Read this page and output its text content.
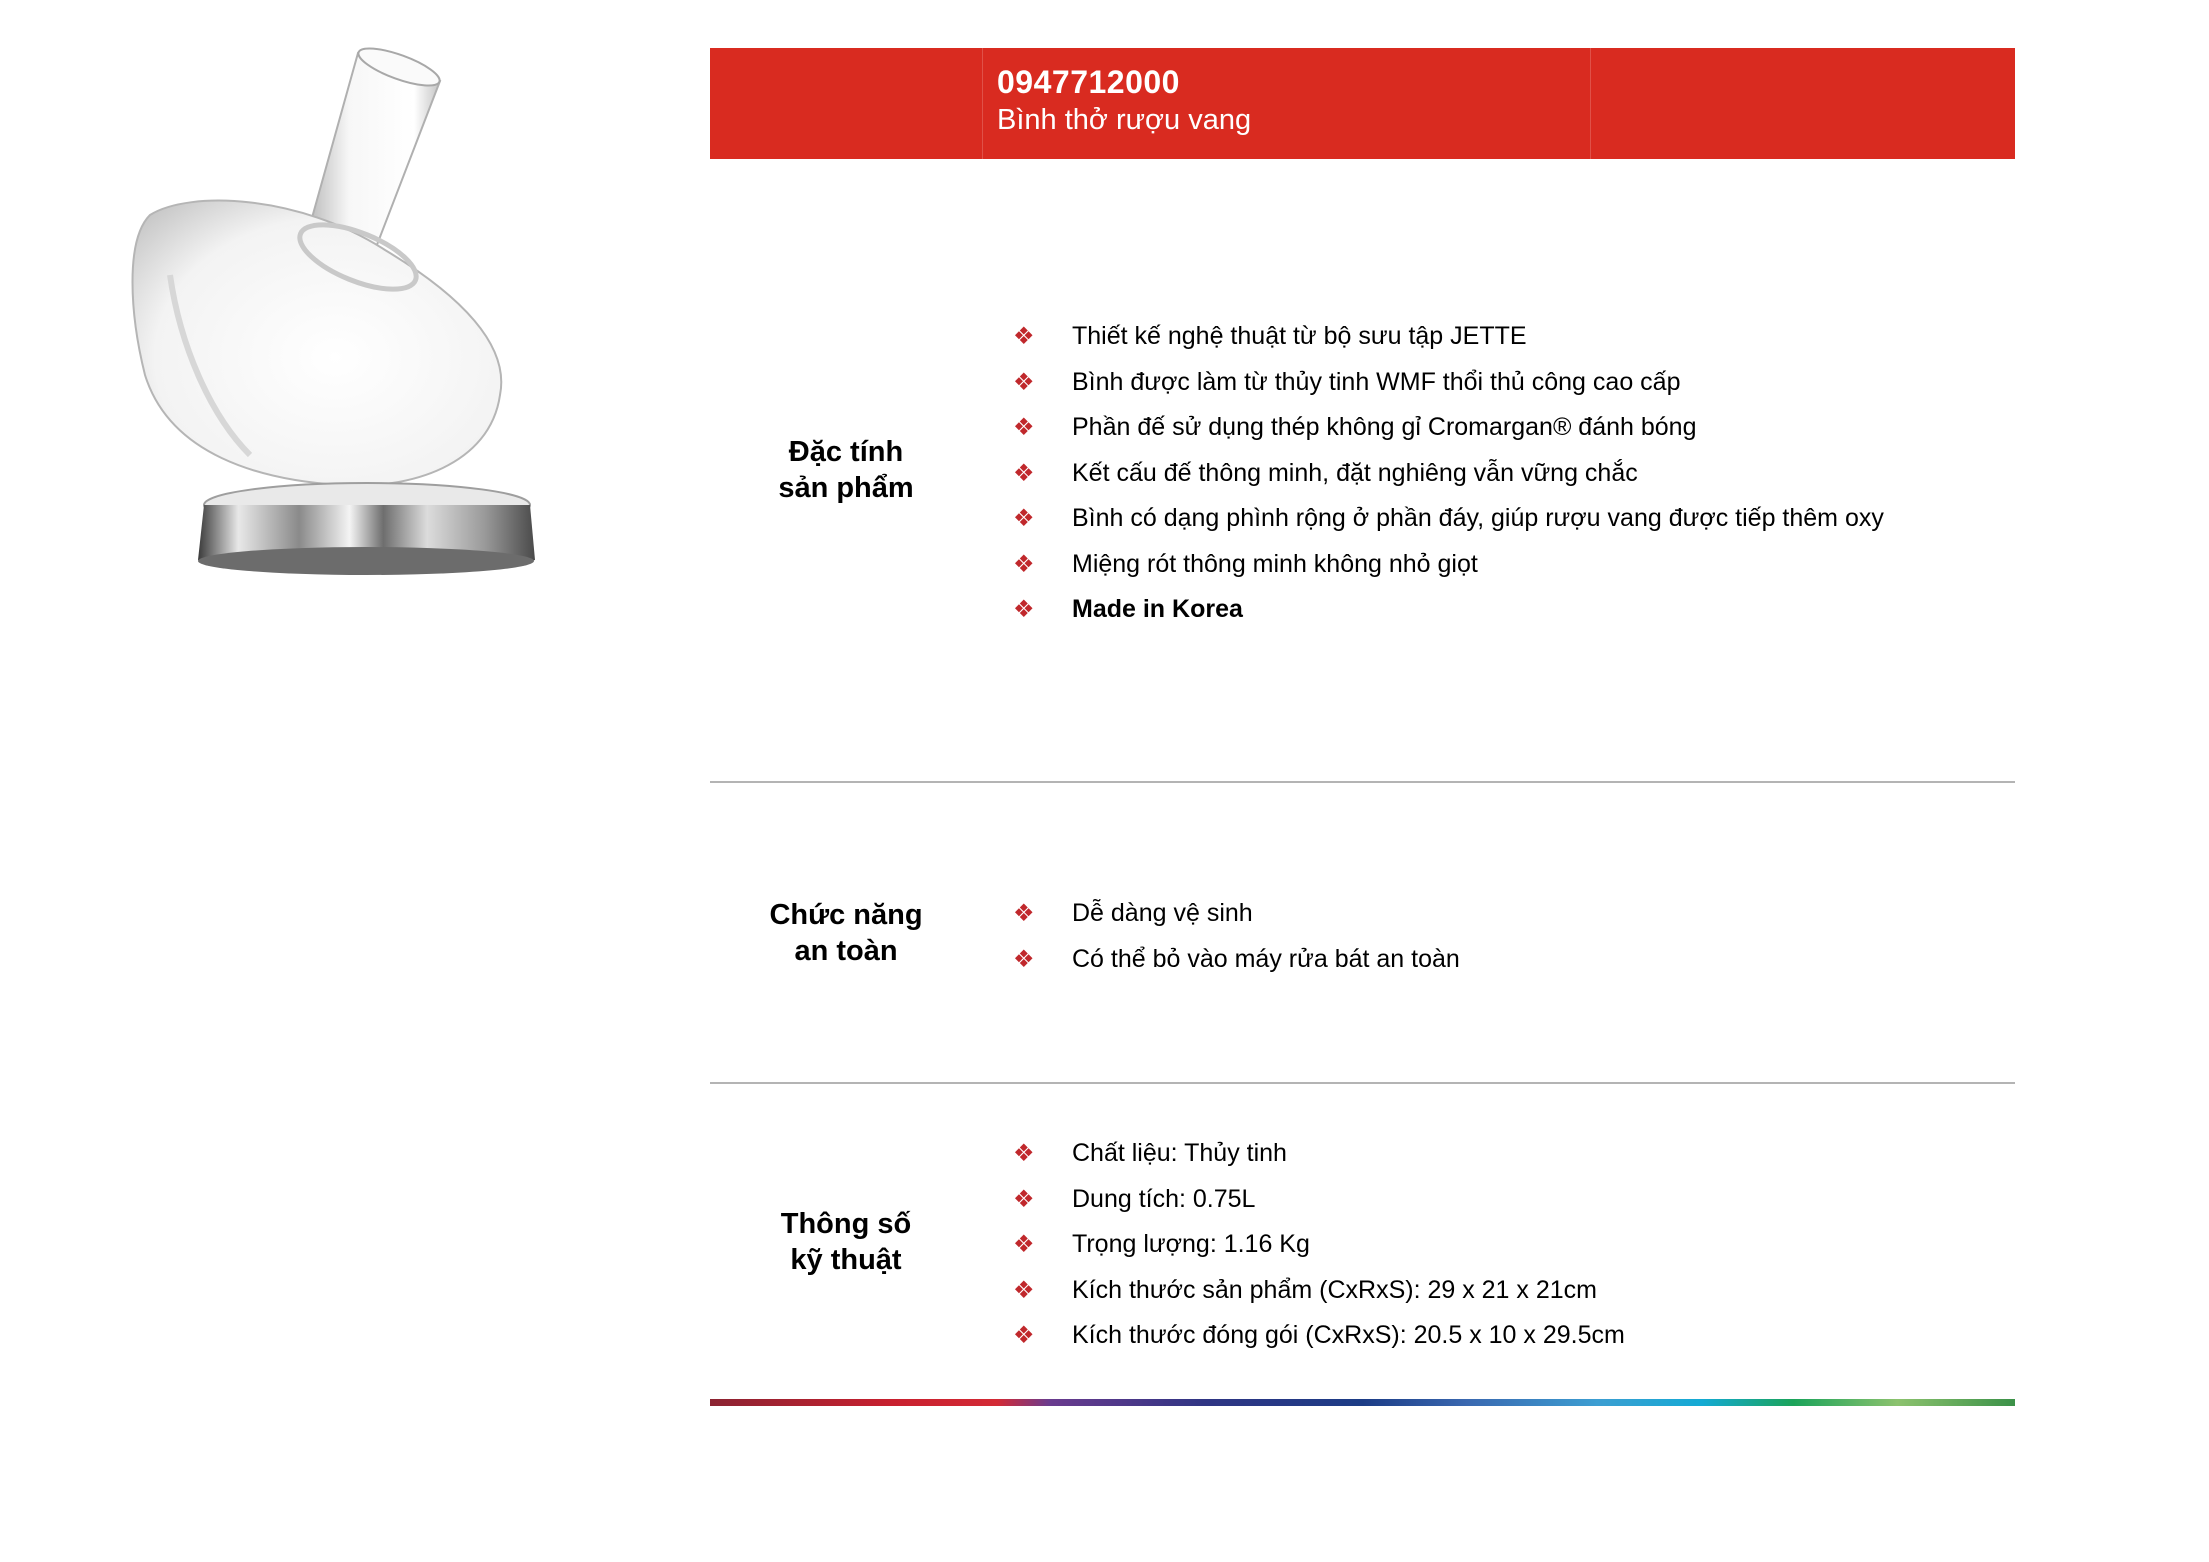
0947712000
Bình thở rượu vang
Đặc tính
sản phẩm
❖	Thiết kế nghệ thuật từ bộ sưu tập JETTE
❖	Bình được làm từ thủy tinh WMF thổi thủ công cao cấp
❖	Phần đế sử dụng thép không gỉ Cromargan® đánh bóng
❖	Kết cấu đế thông minh, đặt nghiêng vẫn vững chắc
❖	Bình có dạng phình rộng ở phần đáy, giúp rượu vang được tiếp thêm oxy
❖	Miệng rót thông minh không nhỏ giọt
❖	Made in Korea
Chức năng
an toàn
❖	Dễ dàng vệ sinh
❖	Có thể bỏ vào máy rửa bát an toàn
Thông số
kỹ thuật
❖	Chất liệu: Thủy tinh
❖	Dung tích: 0.75L
❖	Trọng lượng: 1.16 Kg
❖	Kích thước sản phẩm (CxRxS): 29 x 21 x 21cm
❖	Kích thước đóng gói (CxRxS): 20.5 x 10 x 29.5cm
